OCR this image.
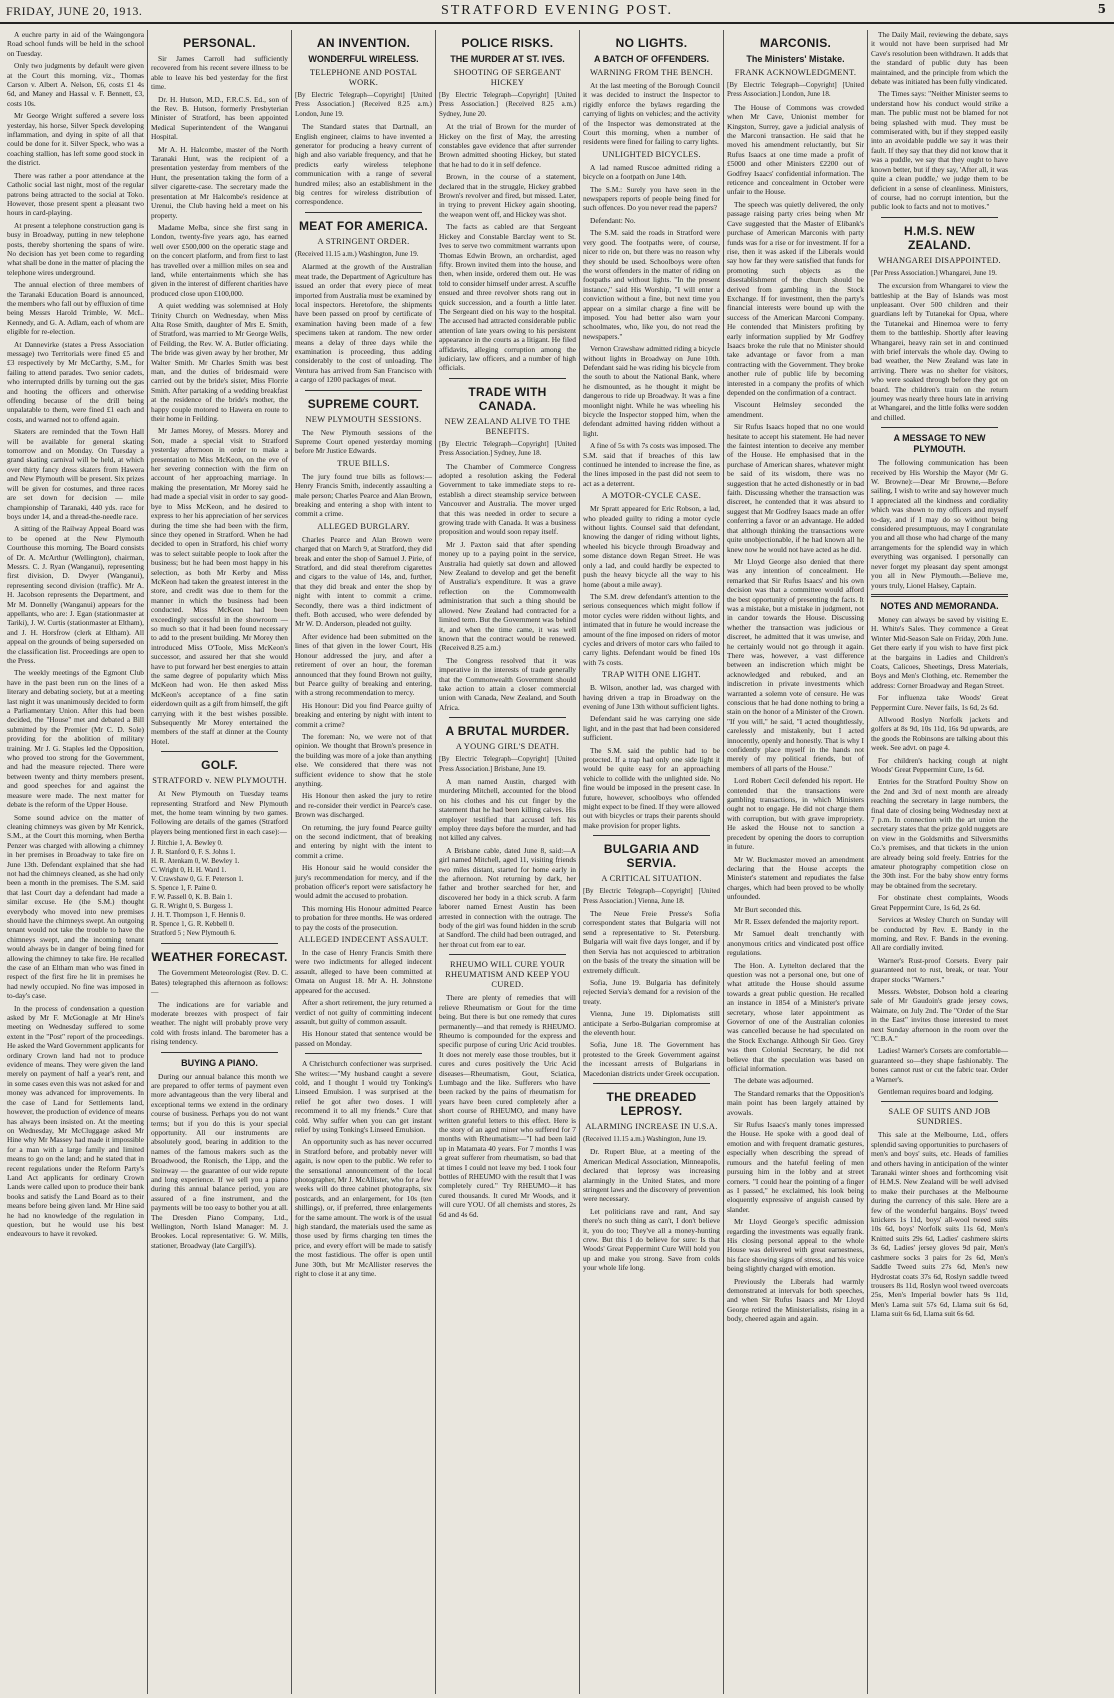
FRIDAY, JUNE 20, 1913.	STRATFORD EVENING POST.	5

A euchre party in aid of the Waingongora Road school funds will be held in the school on Tuesday.

Only two judgments by default were given at the Court this morning, viz., Thomas Carson v. Albert A. Nelson, £6, costs £1 4s 6d, and Maney and Hassal v. F. Bennett, £3, costs 10s.

Mr George Wright suffered a severe loss yesterday, his horse, Silver Speck developing inflammation, and dying in spite of all that could be done for it. Silver Speck, who was a coaching stallion, has left some good stock in the district.

There was rather a poor attendance at the Catholic social last night, most of the regular patrons being attracted to the social at Toko. However, those present spent a pleasant two hours in card-playing.

At present a telephone construction gang is busy in Broadway, putting in new telephone posts, thereby shortening the spans of wire. No decision has yet been come to regarding what shall be done in the matter of placing the telephone wires underground.

The annual election of three members of the Taranaki Education Board is announced, the members who fall out by effluxion of time being Messrs Harold Trimble, W. McL. Kennedy, and G. A. Adlam, each of whom are eligible for re-election.

At Dannevirke (states a Press Association message) two Territorials were fined £5 and £3 respectively by Mr McCarthy, S.M., for failing to attend parades. Two senior cadets, who interrupted drills by turning out the gas and hooting the officers and otherwise offending because of the drill being unpalatable to them, were fined £1 each and costs, and warned not to offend again.

Skaters are reminded that the Town Hall will be available for general skating tomorrow and on Monday. On Tuesday a grand skating carnival will be held, at which over thirty fancy dress skaters from Hawera and New Plymouth will be present. Six prizes will be given for costumes, and three races are set down for decision — mile championship of Taranaki, 440 yds. race for boys under 14, and a thread-the-needle race.

A sitting of the Railway Appeal Board was to be opened at the New Plymouth Courthouse this morning. The Board consists of Dr. A. McArthur (Wellington), chairman, Messrs. C. J. Ryan (Wanganui), representing first division, D. Dwyer (Wanganui), representing second division (traffic). Mr A. H. Jacobson represents the Department, and Mr M. Donnelly (Wanganui) appears for the appellants, who are: J. Egan (stationmaster at Tariki), J. W. Curtis (stationmaster at Eltham), and J. H. Horsfrow (clerk at Eltham). All appeal on the grounds of being superseded on the classification list. Proceedings are open to the Press.

The weekly meetings of the Egmont Club have in the past been run on the lines of a literary and debating society, but at a meeting last night it was unanimously decided to form a Parliamentary Union. After this had been decided, the "House" met and debated a Bill submitted by the Premier (Mr C. D. Sole) providing for the abolition of military training. Mr J. G. Staples led the Opposition, who proved too strong for the Government, and had the measure rejected. There were between twenty and thirty members present, and good speeches for and against the measure were made. The next matter for debate is the reform of the Upper House.

Some sound advice on the matter of cleaning chimneys was given by Mr Kenrick, S.M., at the Court this morning, when Bertha Penzer was charged with allowing a chimney in her premises in Broadway to take fire on June 13th. Defendant explained that she had not had the chimneys cleaned, as she had only been a month in the premises. The S.M. said that last Court day a defendant had made a similar excuse. He (the S.M.) thought everybody who moved into new premises should have the chimneys swept. An outgoing tenant would not take the trouble to have the chimneys swept, and the incoming tenant would always be in danger of being fined for allowing the chimney to take fire. He recalled the case of an Eltham man who was fined in respect of the first fire he lit in premises he had newly occupied. No fine was imposed in to-day's case.

In the process of condensation a question asked by Mr F. McGonagle at Mr Hine's meeting on Wednesday suffered to some extent in the "Post" report of the proceedings. He asked the Ward Government applicants for ordinary Crown land had not to produce evidence of means. They were given the land merely on payment of half a year's rent, and in some cases even this was not asked for and money was advanced for improvements. In the case of Land for Settlements land, however, the production of evidence of means has always been insisted on. At the meeting on Wednesday, Mr McCluggage asked Mr Hine why Mr Massey had made it impossible for a man with a large family and limited means to go on the land; and he stated that in recent regulations under the Reform Party's Land Act applicants for ordinary Crown Lands were called upon to produce their bank books and satisfy the Land Board as to their means before being given land. Mr Hine said he had no knowledge of the regulation in question, but he would use his best endeavours to have it revoked.

PERSONAL.

Sir James Carroll had sufficiently recovered from his recent severe illness to be able to leave his bed yesterday for the first time.

Dr. H. Hutson, M.D., F.R.C.S. Ed., son of the Rev. B. Hutson, formerly Presbyterian Minister of Stratford, has been appointed Medical Superintendent of the Wanganui Hospital.

Mr A. H. Halcombe, master of the North Taranaki Hunt, was the recipient of a presentation yesterday from members of the Hunt, the presentation taking the form of a silver cigarette-case. The secretary made the presentation at Mr Halcombe's residence at Urenui, the Club having held a meet on his property.

Madame Melba, since she first sang in London, twenty-five years ago, has earned well over £500,000 on the operatic stage and on the concert platform, and from first to last has travelled over a million miles on sea and land, while entertainments which she has given in the interest of different charities have produced close upon £100,000.

A quiet wedding was solemnised at Holy Trinity Church on Wednesday, when Miss Alta Rose Smith, daughter of Mrs E. Smith, of Stratford, was married to Mr George Wells, of Feilding, the Rev. W. A. Butler officiating. The bride was given away by her brother, Mr Walter Smith. Mr Charles Smith was best man, and the duties of bridesmaid were carried out by the bride's sister, Miss Florrie Smith. After partaking of a wedding breakfast at the residence of the bride's mother, the happy couple motored to Hawera en route to their home in Feilding.

Mr James Morey, of Messrs. Morey and Son, made a special visit to Stratford yesterday afternoon in order to make a presentation to Miss McKeon, on the eve of her severing connection with the firm on account of her approaching marriage. In making the presentation, Mr Morey said he had made a special visit in order to say good-bye to Miss McKeon, and he desired to express to her his appreciation of her services during the time she had been with the firm, since they opened in Stratford. When he had decided to open in Stratford, his chief worry was to select suitable people to look after the business; but he had been most happy in his selection, as both Mr Kerby and Miss McKeon had taken the greatest interest in the store, and credit was due to them for the manner in which the business had been conducted. Miss McKeon had been exceedingly successful in the showroom — so much so that it had been found necessary to add to the present building. Mr Morey then introduced Miss O'Toole, Miss McKeon's successor, and assured her that she would have to put forward her best energies to attain the same degree of popularity which Miss McKeon had won. He then asked Miss McKeon's acceptance of a fine satin eiderdown quilt as a gift from himself, the gift carrying with it the best wishes possible. Subsequently Mr Morey entertained the members of the staff at dinner at the County Hotel.

GOLF.
STRATFORD v. NEW PLYMOUTH.

At New Plymouth on Tuesday teams representing Stratford and New Plymouth met, the home team winning by two games. Following are details of the games (Stratford players being mentioned first in each case):—

J. Ritchie 1, A. Bewley 0.
J. R. Stanford 0, F. S. Johns 1.
H. R. Atenkam 0, W. Bewley 1.
C. Wright 0, H. H. Ward 1.
V. Crawshaw 0, G. F. Peterson 1.
S. Spence 1, F. Paine 0.
F. W. Passell 0, K. B. Bain 1.
G. R. Wright 0, S. Burgess 1.
J. H. T. Thompson 1, F. Hennis 0.
R. Spence 1, G. R. Kebbell 0.
Stratford 5 ; New Plymouth 6.
WEATHER FORECAST.

The Government Meteorologist (Rev. D. C. Bates) telegraphed this afternoon as follows:—

The indications are for variable and moderate breezes with prospect of fair weather. The night will probably prove very cold with frosts inland. The barometer has a rising tendency.

BUYING A PIANO.

During our annual balance this month we are prepared to offer terms of payment even more advantageous than the very liberal and exceptional terms we extend in the ordinary course of business. Perhaps you do not want terms; but if you do this is your special opportunity. All our instruments are absolutely good, bearing in addition to the names of the famous makers such as the Broadwood, the Ronisch, the Lipp, and the Steinway — the guarantee of our wide repute and long experience. If we sell you a piano during this annual balance period, you are assured of a fine instrument, and the payments will be too easy to bother you at all. The Dresden Piano Company, Ltd., Wellington, North Island Manager: M. J. Brookes. Local representative: G. W. Mills, stationer, Broadway (late Cargill's).

AN INVENTION.
WONDERFUL WIRELESS.
TELEPHONE AND POSTAL WORK.

[By Electric Telegraph—Copyright] [United Press Association.] (Received 8.25 a.m.) London, June 19.

The Standard states that Dartnall, an English engineer, claims to have invented a generator for producing a heavy current of high and also variable frequency, and that he predicts early wireless telephone communication with a range of several hundred miles; also an establishment in the big centres for wireless distribution of correspondence.

MEAT FOR AMERICA.
A STRINGENT ORDER.

(Received 11.15 a.m.) Washington, June 19.

Alarmed at the growth of the Australian meat trade, the Department of Agriculture has issued an order that every piece of meat imported from Australia must be examined by local inspectors. Heretofore, the shipments have been passed on proof by certificate of examination having been made of a few specimens taken at random. The new order means a delay of three days while the examination is proceeding, thus adding considerably to the cost of unloading. The Ventura has arrived from San Francisco with a cargo of 1200 packages of meat.

SUPREME COURT.
NEW PLYMOUTH SESSIONS.

The New Plymouth sessions of the Supreme Court opened yesterday morning before Mr Justice Edwards.

TRUE BILLS.

The jury found true bills as follows:—Henry Francis Smith, indecently assaulting a male person; Charles Pearce and Alan Brown, breaking and entering a shop with intent to commit a crime.

ALLEGED BURGLARY.

Charles Pearce and Alan Brown were charged that on March 9, at Stratford, they did break and enter the shop of Samuel J. Pirie, of Stratford, and did steal therefrom cigarettes and cigars to the value of 14s, and, further, that they did break and enter the shop by night with intent to commit a crime. Secondly, there was a third indictment of theft. Both accused, who were defended by Mr W. D. Anderson, pleaded not guilty.

After evidence had been submitted on the lines of that given in the lower Court, His Honour addressed the jury, and after a retirement of over an hour, the foreman announced that they found Brown not guilty, but Pearce guilty of breaking and entering, with a strong recommendation to mercy.

His Honour: Did you find Pearce guilty of breaking and entering by night with intent to commit a crime?

The foreman: No, we were not of that opinion. We thought that Brown's presence in the building was more of a joke than anything else. We considered that there was not sufficient evidence to show that he stole anything.

His Honour then asked the jury to retire and re-consider their verdict in Pearce's case. Brown was discharged.

On returning, the jury found Pearce guilty on the second indictment, that of breaking and entering by night with the intent to commit a crime.

His Honour said he would consider the jury's recommendation for mercy, and if the probation officer's report were satisfactory he would admit the accused to probation.

This morning His Honour admitted Pearce to probation for three months. He was ordered to pay the costs of the prosecution.

ALLEGED INDECENT ASSAULT.

In the case of Henry Francis Smith there were two indictments for alleged indecent assault, alleged to have been committed at Omata on August 18. Mr A. H. Johnstone appeared for the accused.

After a short retirement, the jury returned a verdict of not guilty of committing indecent assault, but guilty of common assault.

His Honour stated that sentence would be passed on Monday.

A Christchurch confectioner was surprised. She writes:—"My husband caught a severe cold, and I thought I would try Tonking's Linseed Emulsion. I was surprised at the relief he got after two doses. I will recommend it to all my friends." Cure that cold. Why suffer when you can get instant relief by using Tonking's Linseed Emulsion.

An opportunity such as has never occurred in Stratford before, and probably never will again, is now open to the public. We refer to the sensational announcement of the local photographer, Mr J. McAllister, who for a few weeks will do three cabinet photographs, six postcards, and an enlargement, for 10s (ten shillings), or, if preferred, three enlargements for the same amount. The work is of the usual high standard, the materials used the same as those used by firms charging ten times the price, and every effort will be made to satisfy the most fastidious. The offer is open until June 30th, but Mr McAllister reserves the right to close it at any time.

POLICE RISKS.
THE MURDER AT ST. IVES.
SHOOTING OF SERGEANT HICKEY

[By Electric Telegraph—Copyright] [United Press Association.] (Received 8.25 a.m.) Sydney, June 20.

At the trial of Brown for the murder of Hickey on the first of May, the arresting constables gave evidence that after surrender Brown admitted shooting Hickey, but stated that he had to do it in self defence.

Brown, in the course of a statement, declared that in the struggle, Hickey grabbed Brown's revolver and fired, but missed. Later, in trying to prevent Hickey again shooting, the weapon went off, and Hickey was shot.

The facts as cabled are that Sergeant Hickey and Constable Barclay went to St. Ives to serve two commitment warrants upon Thomas Edwin Brown, an orchardist, aged fifty. Brown invited them into the house, and then, when inside, ordered them out. He was told to consider himself under arrest. A scuffle ensued and three revolver shots rang out in quick succession, and a fourth a little later. The Sergeant died on his way to the hospital. The accused had attracted considerable public attention of late years owing to his persistent appearance in the courts as a litigant. He filed affidavits, alleging corruption among the judiciary, law officers, and a number of high officials.

TRADE WITH CANADA.
NEW ZEALAND ALIVE TO THE BENEFITS.

[By Electric Telegraph—Copyright] [United Press Association.] Sydney, June 18.

The Chamber of Commerce Congress adopted a resolution asking the Federal Government to take immediate steps to re-establish a direct steamship service between Vancouver and Australia. The mover urged that this was needed in order to secure a growing trade with Canada. It was a business proposition and would soon repay itself.

Mr J. Paxton said that after spending money up to a paying point in the service, Australia had quietly sat down and allowed New Zealand to develop and get the benefit of Australia's expenditure. It was a grave reflection on the Commonwealth administration that such a thing should be allowed. New Zealand had contracted for a limited term. But the Government was behind it, and when the time came, it was well known that the contract would be renewed. (Received 8.25 a.m.)

The Congress resolved that it was imperative in the interests of trade generally that the Commonwealth Government should take action to attain a closer commercial union with Canada, New Zealand, and South Africa.

A BRUTAL MURDER.
A YOUNG GIRL'S DEATH.

[By Electric Telegraph—Copyright] [United Press Association.] Brisbane, June 19.

A man named Austin, charged with murdering Mitchell, accounted for the blood on his clothes and his cut finger by the statement that he had been killing calves. His employer testified that accused left his employ three days before the murder, and had not killed any calves.

A Brisbane cable, dated June 8, said:—A girl named Mitchell, aged 11, visiting friends two miles distant, started for home early in the afternoon. Not returning by dark, her father and brother searched for her, and discovered her body in a thick scrub. A farm laborer named Ernest Austin has been arrested in connection with the outrage. The body of the girl was found hidden in the scrub at Sandford. The child had been outraged, and her throat cut from ear to ear.

RHEUMO WILL CURE YOUR RHEUMATISM AND KEEP YOU CURED.

There are plenty of remedies that will relieve Rheumatism or Gout for the time being. But there is but one remedy that cures permanently—and that remedy is RHEUMO. Rheumo is compounded for the express and specific purpose of curing Uric Acid troubles. It does not merely ease those troubles, but it cures and cures positively the Uric Acid diseases—Rheumatism, Gout, Sciatica, Lumbago and the like. Sufferers who have been racked by the pains of rheumatism for years have been cured completely after a short course of RHEUMO, and many have written grateful letters to this effect. Here is the story of an aged miner who suffered for 7 months with Rheumatism:—"I had been laid up in Matamata 40 years. For 7 months I was a great sufferer from rheumatism, so bad that at times I could not leave my bed. I took four bottles of RHEUMO with the result that I was completely cured." Try RHEUMO—it has cured thousands. It cured Mr Woods, and it will cure YOU. Of all chemists and stores, 2s 6d and 4s 6d.

NO LIGHTS.
A BATCH OF OFFENDERS.
WARNING FROM THE BENCH.

At the last meeting of the Borough Council it was decided to instruct the Inspector to rigidly enforce the bylaws regarding the carrying of lights on vehicles; and the activity of the Inspector was demonstrated at the Court this morning, when a number of residents were fined for failing to carry lights.

UNLIGHTED BICYCLES.

A lad named Ruscoe admitted riding a bicycle on a footpath on June 14th.

The S.M.: Surely you have seen in the newspapers reports of people being fined for such offences. Do you never read the papers?

Defendant: No.

The S.M. said the roads in Stratford were very good. The footpaths were, of course, nicer to ride on, but there was no reason why they should be used. Schoolboys were often the worst offenders in the matter of riding on footpaths and without lights. "In the present instance," said His Worship, "I will enter a conviction without a fine, but next time you appear on a similar charge a fine will be imposed. You had better also warn your schoolmates, who, like you, do not read the newspapers."

Vernon Crawshaw admitted riding a bicycle without lights in Broadway on June 10th. Defendant said he was riding his bicycle from the south to about the National Bank, where he dismounted, as he thought it might be dangerous to ride up Broadway. It was a fine moonlight night. While he was wheeling his bicycle the Inspector stopped him, when the defendant admitted having ridden without a light.

A fine of 5s with 7s costs was imposed. The S.M. said that if breaches of this law continued he intended to increase the fine, as the lines imposed in the past did not seem to act as a deterrent.

A MOTOR-CYCLE CASE.

Mr Spratt appeared for Eric Robson, a lad, who pleaded guilty to riding a motor cycle without lights. Counsel said that defendant, knowing the danger of riding without lights, wheeled his bicycle through Broadway and some distance down Regan Street. He was only a lad, and could hardly be expected to push the heavy bicycle all the way to his home (about a mile away).

The S.M. drew defendant's attention to the serious consequences which might follow if motor cycles were ridden without lights, and intimated that in future he would increase the amount of the fine imposed on riders of motor cycles and drivers of motor cars who failed to carry lights. Defendant would be fined 10s with 7s costs.

TRAP WITH ONE LIGHT.

B. Wilson, another lad, was charged with having driven a trap in Broadway on the evening of June 13th without sufficient lights.

Defendant said he was carrying one side light, and in the past that had been considered sufficient.

The S.M. said the public had to be protected. If a trap had only one side light it would be quite easy for an approaching vehicle to collide with the unlighted side. No fine would be imposed in the present case. In future, however, schoolboys who offended might expect to be fined. If they were allowed out with bicycles or traps their parents should make provision for proper lights.

BULGARIA AND SERVIA.
A CRITICAL SITUATION.

[By Electric Telegraph—Copyright] [United Press Association.] Vienna, June 18.

The Neue Freie Presse's Sofia correspondent states that Bulgaria will not send a representative to St. Petersburg. Bulgaria will wait five days longer, and if by then Servia has not acquiesced to arbitration on the basis of the treaty the situation will be extremely difficult.

Sofia, June 19. Bulgaria has definitely rejected Servia's demand for a revision of the treaty.

Vienna, June 19. Diplomatists still anticipate a Serbo-Bulgarian compromise at the eleventh hour.

Sofia, June 18. The Government has protested to the Greek Government against the incessant arrests of Bulgarians in Macedonian districts under Greek occupation.

THE DREADED LEPROSY.
ALARMING INCREASE IN U.S.A.

(Received 11.15 a.m.) Washington, June 19.

Dr. Rupert Blue, at a meeting of the American Medical Association, Minneapolis, declared that leprosy was increasing alarmingly in the United States, and more stringent laws and the discovery of prevention were necessary.

Let politicians rave and rant, And say there's no such thing as can't, I don't believe it, you do too; They've all a money-hunting crew. But this I do believe for sure: Is that Woods' Great Peppermint Cure Will hold you up and make you strong. Save from colds your whole life long.

MARCONIS.
The Ministers' Mistake.
FRANK ACKNOWLEDGMENT.

[By Electric Telegraph—Copyright] [United Press Association.] London, June 18.

The House of Commons was crowded when Mr Cave, Unionist member for Kingston, Surrey, gave a judicial analysis of the Marconi transaction. He said that he moved his amendment reluctantly, but Sir Rufus Isaacs at one time made a profit of £5000 and other Ministers £2200 out of Godfrey Isaacs' confidential information. The reticence and concealment in October were unfair to the House.

The speech was quietly delivered, the only passage raising party cries being when Mr Cave suggested that the Master of Elibank's purchase of American Marconis with party funds was for a rise or for investment. If for a rise, then it was asked if the Liberals would say how far they were satisfied that funds for promoting such objects as the disestablishment of the church should be derived from gambling in the Stock Exchange. If for investment, then the party's financial interests were bound up with the success of the American Marconi Company. He contended that Ministers profiting by early information supplied by Mr Godfrey Isaacs broke the rule that no Minister should take advantage or favor from a man contracting with the Government. They broke another rule of public life by becoming interested in a company the profits of which depended on the confirmation of a contract.

Viscount Helmsley seconded the amendment.

Sir Rufus Isaacs hoped that no one would hesitate to accept his statement. He had never the faintest intention to deceive any member of the House. He emphasised that in the purchase of American shares, whatever might be said of its wisdom, there was no suggestion that he acted dishonestly or in bad faith. Discussing whether the transaction was discreet, he contended that it was absurd to suggest that Mr Godfrey Isaacs made an offer conferring a favor or an advantage. He added that although thinking the transactions were quite unobjectionable, if he had known all he knew now he would not have acted as he did.

Mr Lloyd George also denied that there was any intention of concealment. He remarked that Sir Rufus Isaacs' and his own decision was that a committee would afford the best opportunity of presenting the facts. It was a mistake, but a mistake in judgment, not in candor towards the House. Discussing whether the transaction was judicious or discreet, he admitted that it was unwise, and he certainly would not go through it again. There was, however, a vast difference between an indiscretion which might be acknowledged and rebuked, and an indiscretion in private investments which warranted a solemn vote of censure. He was conscious that he had done nothing to bring a stain on the honor of a Minister of the Crown. "If you will," he said, "I acted thoughtlessly, carelessly and mistakenly, but I acted innocently, openly and honestly. That is why I confidently place myself in the hands not merely of my political friends, but of members of all parts of the House."

Lord Robert Cecil defended his report. He contended that the transactions were gambling transactions, in which Ministers ought not to engage. He did not charge them with corruption, but with grave impropriety. He asked the House not to sanction a precedent by opening the doors to corruption in future.

Mr W. Buckmaster moved an amendment declaring that the House accepts the Minister's statement and repudiates the false charges, which had been proved to be wholly unfounded.

Mr Burt seconded this.

Mr R. Essex defended the majority report.

Mr Samuel dealt trenchantly with anonymous critics and vindicated post office regulations.

The Hon. A. Lyttelton declared that the question was not a personal one, but one of what attitude the House should assume towards a great public question. He recalled an instance in 1854 of a Minister's private secretary, whose later appointment as Governor of one of the Australian colonies was cancelled because he had speculated on the Stock Exchange. Although Sir Geo. Grey was then Colonial Secretary, he did not believe that the speculation was based on official information.

The debate was adjourned.

The Standard remarks that the Opposition's main point has been largely attained by avowals.

Sir Rufus Isaacs's manly tones impressed the House. He spoke with a good deal of emotion and with frequent dramatic gestures, especially when describing the spread of rumours and the hateful feeling of men pursuing him in the lobby and at street corners. "I could hear the pointing of a finger as I passed," he exclaimed, his look being eloquently expressive of anguish caused by slander.

Mr Lloyd George's specific admission regarding the investments was equally frank. His closing personal appeal to the whole House was delivered with great earnestness, his face showing signs of stress, and his voice being slightly charged with emotion.

Previously the Liberals had warmly demonstrated at intervals for both speeches, and when Sir Rufus Isaacs and Mr Lloyd George retired the Ministerialists, rising in a body, cheered again and again.

The Daily Mail, reviewing the debate, says it would not have been surprised had Mr Cave's resolution been withdrawn. It adds that the standard of public duty has been maintained, and the principle from which the debate was initiated has been fully vindicated.

The Times says: "Neither Minister seems to understand how his conduct would strike a man. The public must not be blamed for not being splashed with mud. They must be commiserated with, but if they stepped easily into an avoidable puddle we say it was their fault. If they say that they did not know that it was a puddle, we say that they ought to have known better, but if they say, 'After all, it was quite a clean puddle,' we judge them to be deficient in a sense of cleanliness. Ministers, of course, had no corrupt intention, but the public look to facts and not to motives."

H.M.S. NEW ZEALAND.
WHANGAREI DISAPPOINTED.

[Per Press Association.] Whangarei, June 19.

The excursion from Whangarei to view the battleship at the Bay of Islands was most unpleasant. Over 500 children and their guardians left by Tutanekai for Opua, where the Tutanekai and Hinemoa were to ferry them to the battleship. Shortly after leaving Whangarei, heavy rain set in and continued with brief intervals the whole day. Owing to bad weather, the New Zealand was late in arriving. There was no shelter for visitors, who were soaked through before they got on board. The children's train on the return journey was nearly three hours late in arriving at Whangarei, and the little folks were sodden and chilled.

A MESSAGE TO NEW PLYMOUTH.

The following communication has been received by His Worship the Mayor (Mr G. W. Browne):—Dear Mr Browne,—Before sailing, I wish to write and say however much I appreciated all the kindness and cordiality which was shown to my officers and myself to-day, and if I may do so without being considered presumptuous, may I congratulate you and all those who had charge of the many arrangements for the splendid way in which everything was organised. I personally can never forget my pleasant day spent amongst you all in New Plymouth.—Believe me, yours truly, Lionel Halsey, Captain.

NOTES AND MEMORANDA.

Money can always be saved by visiting E. H. White's Sales. They commence a Great Winter Mid-Season Sale on Friday, 20th June. Get there early if you wish to have first pick at the bargains in Ladies and Children's Coats, Calicoes, Sheetings, Dress Materials, Boys and Men's Clothing, etc. Remember the address: Corner Broadway and Regan Street.

For influenza take Woods' Great Peppermint Cure. Never fails, 1s 6d, 2s 6d.

Allwood Roslyn Norfolk jackets and golfers at 8s 9d, 10s 11d, 16s 9d upwards, are the goods the Robinsons are talking about this week. See advt. on page 4.

For children's hacking cough at night Woods' Great Peppermint Cure, 1s 6d.

Entries for the Stratford Poultry Show on the 2nd and 3rd of next month are already reaching the secretary in large numbers, the final date of closing being Wednesday next at 7 p.m. In connection with the art union the secretary states that the prize gold nuggets are on view in the Goldsmiths and Silversmiths Co.'s premises, and that tickets in the union are already being sold freely. Entries for the amateur photography competition close on the 30th inst. For the baby show entry forms may be obtained from the secretary.

For obstinate chest complaints, Woods Great Peppermint Cure, 1s 6d, 2s 6d.

Services at Wesley Church on Sunday will be conducted by Rev. E. Bandy in the morning, and Rev. F. Bands in the evening. All are cordially invited.

Warner's Rust-proof Corsets. Every pair guaranteed not to rust, break, or tear. Your draper stocks "Warners."

Messrs. Webster, Dobson hold a clearing sale of Mr Gaudoin's grade jersey cows, Waimate, on July 2nd. The "Order of the Star in the East" invites those interested to meet next Sunday afternoon in the room over the "C.B.A."

Ladies! Warner's Corsets are comfortable—guaranteed so—they shape fashionably. The bones cannot rust or cut the fabric tear. Order a Warner's.

Gentleman requires board and lodging.

SALE OF SUITS AND JOB SUNDRIES.

This sale at the Melbourne, Ltd., offers splendid saving opportunities to purchasers of men's and boys' suits, etc. Heads of families and others having in anticipation of the winter Taranaki winter shoes and forthcoming visit of H.M.S. New Zealand will be well advised to make their purchases at the Melbourne during the currency of this sale. Here are a few of the wonderful bargains. Boys' tweed knickers 1s 11d, boys' all-wool tweed suits 10s 6d, boys' Norfolk suits 11s 6d, Men's Knitted suits 29s 6d, Ladies' cashmere skirts 3s 6d, Ladies' jersey gloves 9d pair, Men's cashmere socks 3 pairs for 2s 6d, Men's Saddle Tweed suits 27s 6d, Men's new Hydrostat coats 37s 6d, Roslyn saddle tweed trousers 8s 11d, Roslyn wool tweed overcoats 25s, Men's Imperial bowler hats 9s 11d, Men's Lama suit 57s 6d, Llama suit 6s 6d, Llama suit 6s 6d, Llama suit 6s 6d.
